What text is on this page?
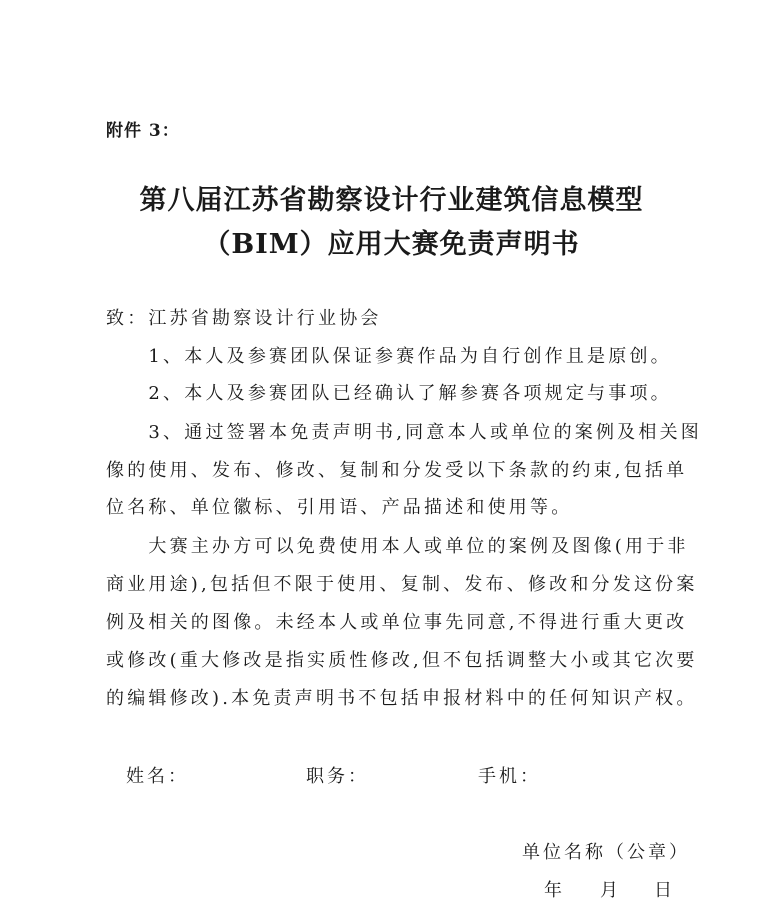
附件 3：
第八届江苏省勘察设计行业建筑信息模型
（BIM）应用大赛免责声明书
致：江苏省勘察设计行业协会
　　1、本人及参赛团队保证参赛作品为自行创作且是原创。
　　2、本人及参赛团队已经确认了解参赛各项规定与事项。
　　3、通过签署本免责声明书,同意本人或单位的案例及相关图
像的使用、发布、修改、复制和分发受以下条款的约束,包括单
位名称、单位徽标、引用语、产品描述和使用等。
　　大赛主办方可以免费使用本人或单位的案例及图像(用于非
商业用途),包括但不限于使用、复制、发布、修改和分发这份案
例及相关的图像。未经本人或单位事先同意,不得进行重大更改
或修改(重大修改是指实质性修改,但不包括调整大小或其它次要
的编辑修改).本免责声明书不包括申报材料中的任何知识产权。
姓名：	职务：	手机：
单位名称（公章）
年 月 日
